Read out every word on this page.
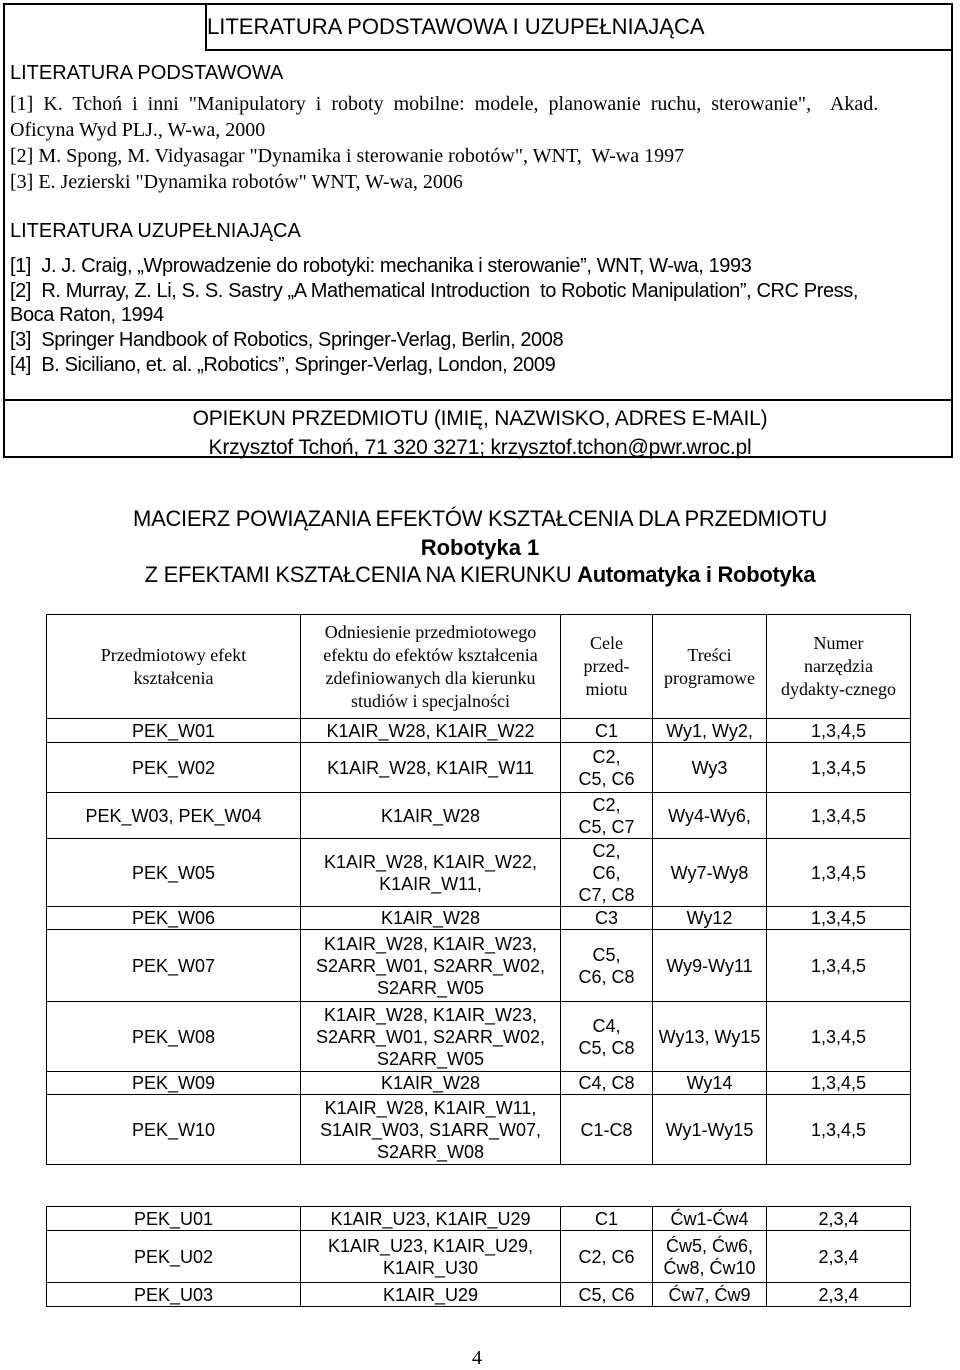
LITERATURA PODSTAWOWA I UZUPEŁNIAJĄCA
LITERATURA PODSTAWOWA
[1]  K.  Tchoń  i  inni  "Manipulatory  i  roboty  mobilne:  modele,  planowanie  ruchu,  sterowanie",    Akad.
Oficyna Wyd PLJ., W-wa, 2000
[2] M. Spong, M. Vidyasagar "Dynamika i sterowanie robotów", WNT,  W-wa 1997
[3] E. Jezierski "Dynamika robotów" WNT, W-wa, 2006
LITERATURA UZUPEŁNIAJĄCA
[1]  J. J. Craig, „Wprowadzenie do robotyki: mechanika i sterowanie”, WNT, W-wa, 1993
[2]  R. Murray, Z. Li, S. S. Sastry „A Mathematical Introduction  to Robotic Manipulation”, CRC Press,
Boca Raton, 1994
[3]  Springer Handbook of Robotics, Springer-Verlag, Berlin, 2008
[4]  B. Siciliano, et. al. „Robotics”, Springer-Verlag, London, 2009
OPIEKUN PRZEDMIOTU (IMIĘ, NAZWISKO, ADRES E-MAIL)
Krzysztof Tchoń, 71 320 3271; krzysztof.tchon@pwr.wroc.pl
MACIERZ POWIĄZANIA EFEKTÓW KSZTAŁCENIA DLA PRZEDMIOTU
Robotyka 1
Z EFEKTAMI KSZTAŁCENIA NA KIERUNKU Automatyka i Robotyka
Przedmiotowy efekt
kształcenia	Odniesienie przedmiotowego
efektu do efektów kształcenia
zdefiniowanych dla kierunku
studiów i specjalności	Cele
przed-
miotu	Treści
programowe	Numer
narzędzia
dydakty-cznego

PEK_W01	K1AIR_W28, K1AIR_W22	C1	Wy1, Wy2,	1,3,4,5

PEK_W02	K1AIR_W28, K1AIR_W11	C2,
C5, C6	Wy3	1,3,4,5

PEK_W03, PEK_W04	K1AIR_W28	C2,
C5, C7	Wy4-Wy6,	1,3,4,5

PEK_W05	K1AIR_W28, K1AIR_W22,
K1AIR_W11,	C2,
C6,
C7, C8	Wy7-Wy8	1,3,4,5

PEK_W06	K1AIR_W28	C3	Wy12	1,3,4,5

PEK_W07	K1AIR_W28, K1AIR_W23,
S2ARR_W01, S2ARR_W02,
S2ARR_W05	C5,
C6, C8	Wy9-Wy11	1,3,4,5

PEK_W08	K1AIR_W28, K1AIR_W23,
S2ARR_W01, S2ARR_W02,
S2ARR_W05	C4,
C5, C8	Wy13, Wy15	1,3,4,5

PEK_W09	K1AIR_W28	C4, C8	Wy14	1,3,4,5

PEK_W10	K1AIR_W28, K1AIR_W11,
S1AIR_W03, S1ARR_W07,
S2ARR_W08	C1-C8	Wy1-Wy15	1,3,4,5
PEK_U01	K1AIR_U23, K1AIR_U29	C1	Ćw1-Ćw4	2,3,4

PEK_U02	K1AIR_U23, K1AIR_U29,
K1AIR_U30	C2, C6	Ćw5, Ćw6,
Ćw8, Ćw10	2,3,4

PEK_U03	K1AIR_U29	C5, C6	Ćw7, Ćw9	2,3,4
4
